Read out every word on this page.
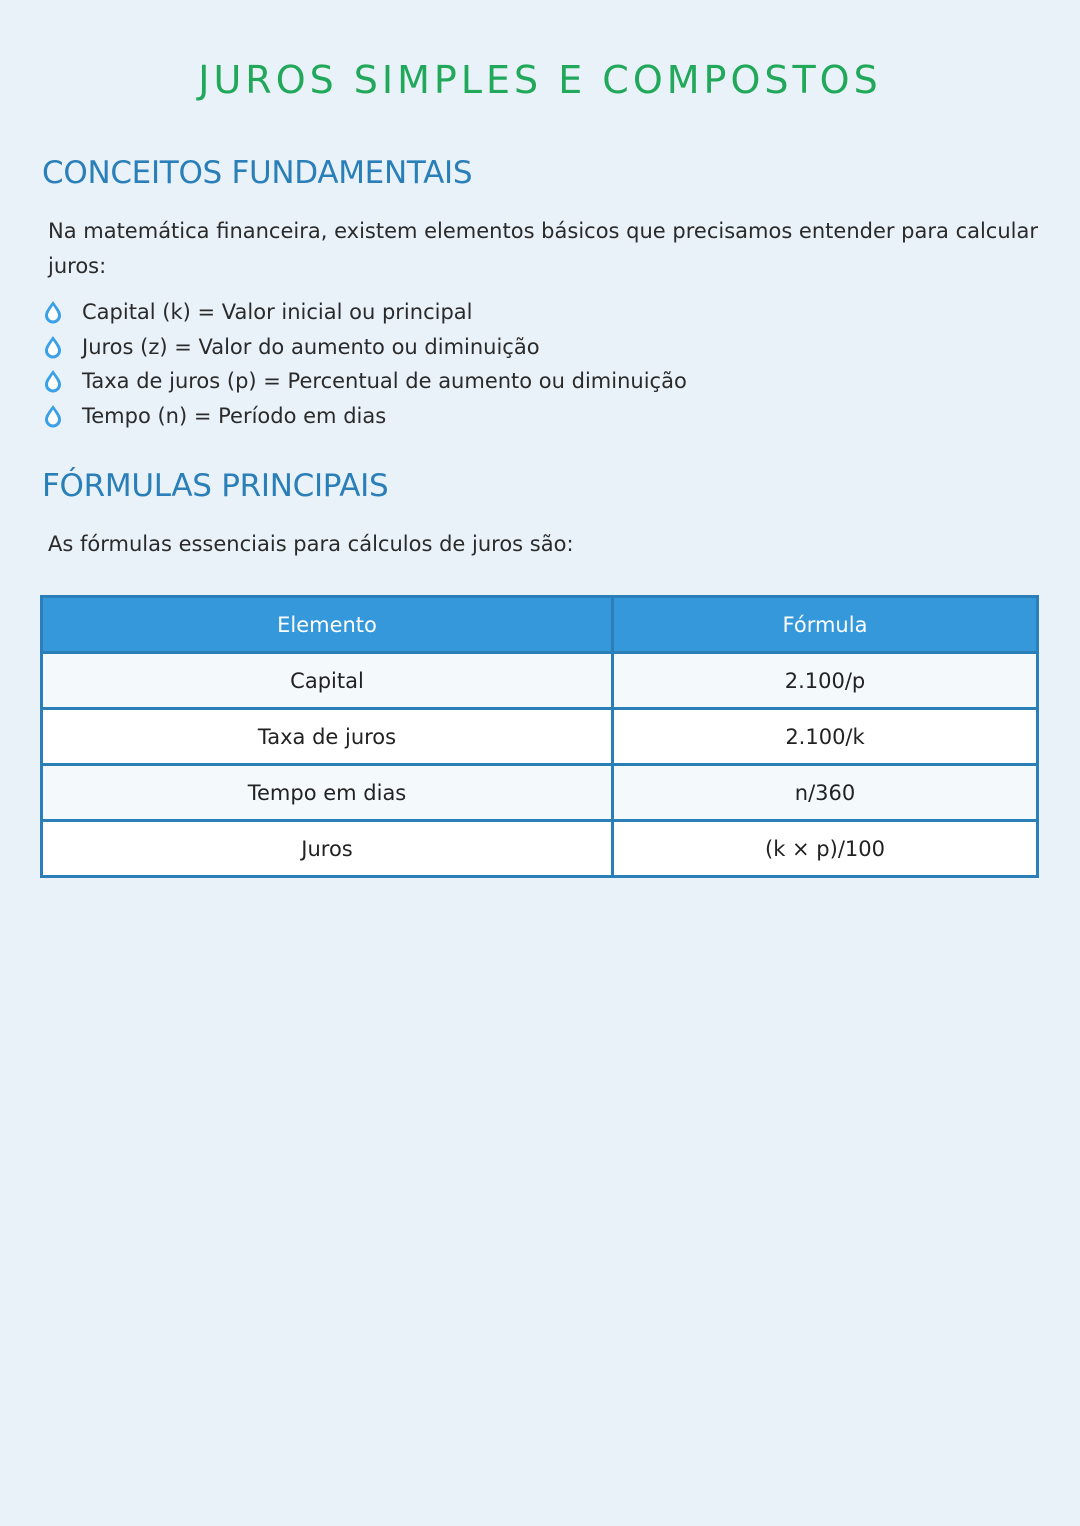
JUROS SIMPLES E COMPOSTOS
CONCEITOS FUNDAMENTAIS

Na matemática financeira, existem elementos básicos que precisamos entender para calcular juros:

Capital (k) = Valor inicial ou principal
Juros (z) = Valor do aumento ou diminuição
Taxa de juros (p) = Percentual de aumento ou diminuição
Tempo (n) = Período em dias
FÓRMULAS PRINCIPAIS

As fórmulas essenciais para cálculos de juros são:

Elemento	Fórmula
Capital	2.100/p
Taxa de juros	2.100/k
Tempo em dias	n/360
Juros	(k × p)/100
